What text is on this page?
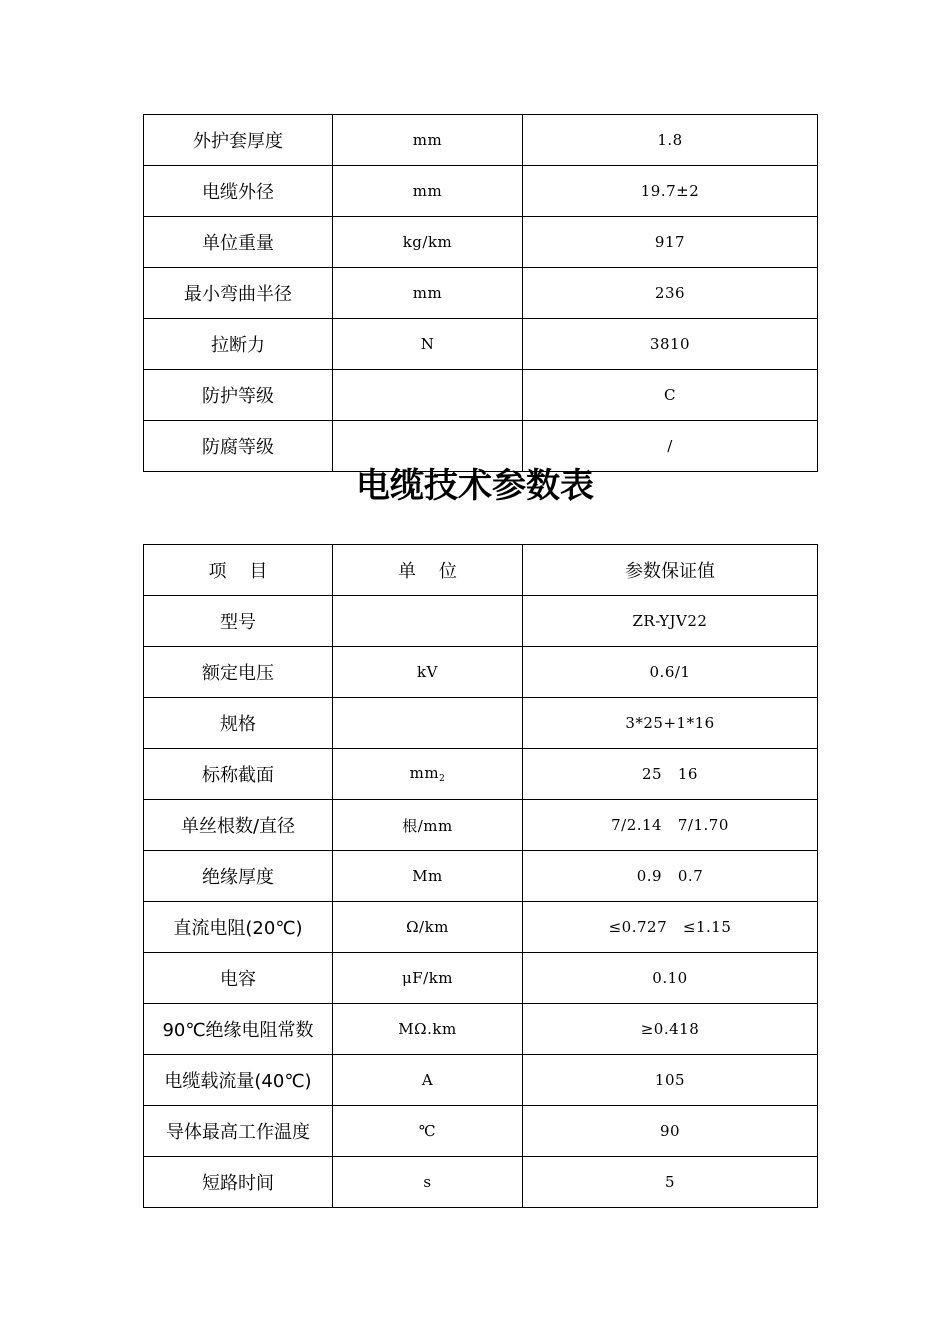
外护套厚度	mm	1.8
电缆外径	mm	19.7±2
单位重量	kg/km	917
最小弯曲半径	mm	236
拉断力	N	3810
防护等级		C
防腐等级		/
电缆技术参数表
项    目	单    位	参数保证值
型号		ZR-YJV22
额定电压	kV	0.6/1
规格		3*25+1*16
标称截面	$mm_2$	25   16
单丝根数/直径	根/mm	7/2.14   7/1.70
绝缘厚度	Mm	0.9   0.7
直流电阻(20℃)	Ω/km	≤0.727   ≤1.15
电容	μF/km	0.10
90℃绝缘电阻常数	MΩ.km	≥0.418
电缆载流量(40℃)	A	105
导体最高工作温度	℃	90
短路时间	s	5
